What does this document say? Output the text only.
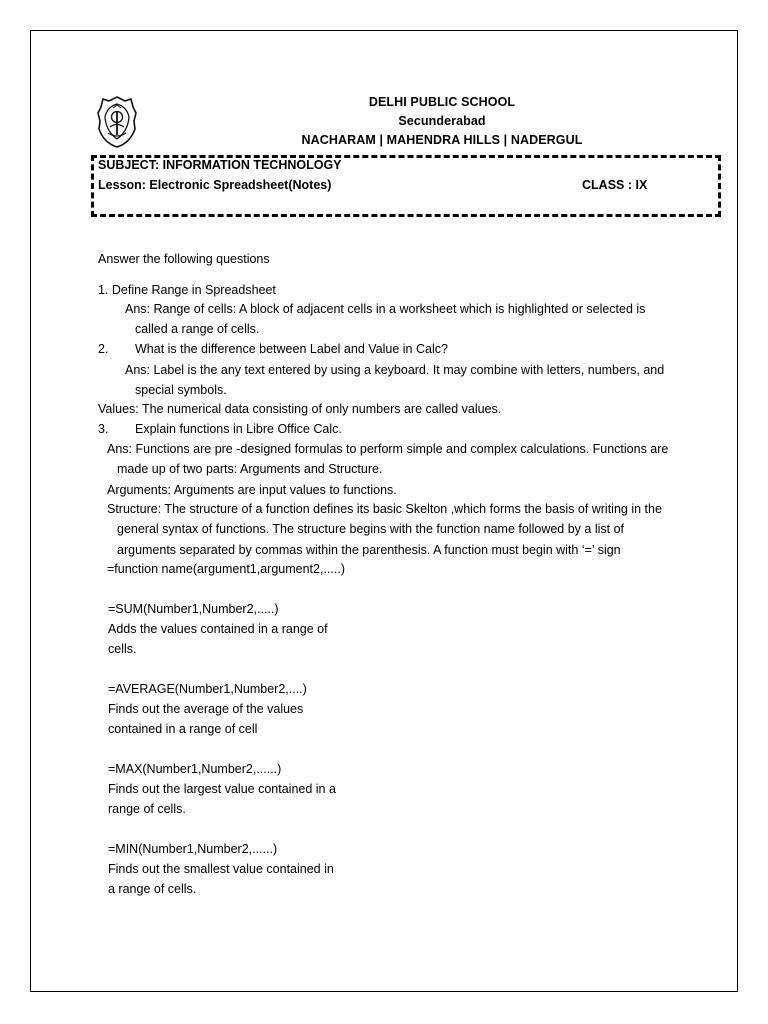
DELHI PUBLIC SCHOOL
Secunderabad
NACHARAM | MAHENDRA HILLS | NADERGUL
SUBJECT: INFORMATION TECHNOLOGY
Lesson: Electronic Spreadsheet(Notes)	CLASS : IX
Answer the following questions
1. Define Range in Spreadsheet
Ans: Range of cells: A block of adjacent cells in a worksheet which is highlighted or selected is
called a range of cells.
2. What is the difference between Label and Value in Calc?
Ans: Label is the any text entered by using a keyboard. It may combine with letters, numbers, and
special symbols.
Values: The numerical data consisting of only numbers are called values.
3. Explain functions in Libre Office Calc.
Ans: Functions are pre -designed formulas to perform simple and complex calculations. Functions are
made up of two parts: Arguments and Structure.
Arguments: Arguments are input values to functions.
Structure: The structure of a function defines its basic Skelton ,which forms the basis of writing in the
general syntax of functions. The structure begins with the function name followed by a list of
arguments separated by commas within the parenthesis. A function must begin with ‘=’ sign
=function name(argument1,argument2,.....)
=SUM(Number1,Number2,.....)
Adds the values contained in a range of
cells.
=AVERAGE(Number1,Number2,....)
Finds out the average of the values
contained in a range of cell
=MAX(Number1,Number2,......)
Finds out the largest value contained in a
range of cells.
=MIN(Number1,Number2,......)
Finds out the smallest value contained in
a range of cells.
